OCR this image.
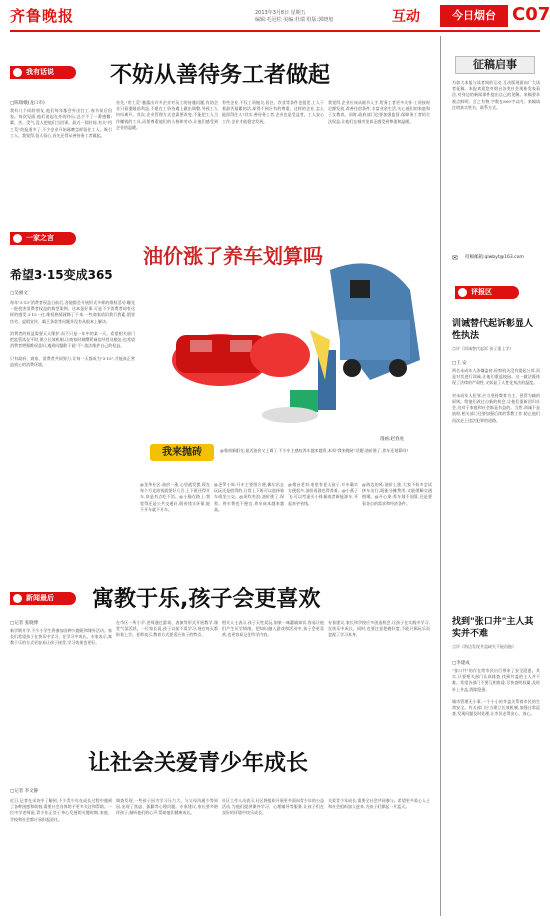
齐鲁晚报	2013年3月8日 星期五
编辑:毛冠松 美编:杜瑞 组版:郭晓旭	互动	今日烟台 C07
我有话说	不妨从善待务工者做起
□陈瑞娥(龙口市)
我有几个同龄朋友,他们每年都会外出打工,春节前后回家。每次见面,他们说起在外的经历,总少不了一番感慨:累、苦、受气,没人把他们当回事。最近一段时间,有关"用工荒"的报道多了,不少企业开始琢磨怎样留住工人、吸引工人。我觉得,留人留心,首先还得从善待务工者做起。
首先,"用工荒"暴露出许多企业对员工的待遇问题,有的企业只看重眼前利益,不愿在工资待遇上做出调整,导致工人纷纷离开。其次,企业管理方式也需要改变,不能把工人当作赚钱的工具,而要尊重他们的人格和劳动,让他们感受到企业的温暖。
有些企业,不仅工资拖欠,居住、饮食等条件也很差,工人干着最苦最累的活,却得不到应有的尊重。这样的企业,怎么能留得住人?其实,善待务工者,企业也是受益者。工人安心工作,企业才能稳定发展。
我觉得,企业应该从细节入手,给务工者更多关怀:工资按时足额发放,改善住宿条件,丰富业余生活,关心他们的家庭和子女教育。同时,政府部门也要加强监督,保障务工者的合法权益,让他们在城市里真正感受到尊重和温暖。
一家之言
希望3·15变成365
□吴丽文
每年"3·15"消费者权益日前后,各地都会开展形式多样的维权活动,曝光一批侵害消费者权益的典型案例。这本是好事,可是不少消费者却有这样的感受:3·15一过,维权热情就降了下来,一些商家依旧我行我素,假冒伪劣、虚假宣传、霸王条款等问题并没有从根本上解决。

消费者的权益需要天天维护,而不只是一年中的某一天。希望相关部门把监管落在平时,建立长效机制,让商家时刻绷紧诚信经营这根弦;也希望消费者增强维权意识,遇到问题敢于说"不",依法维护自己的权益。

只有政府、商家、消费者共同努力,让每一天都成为"3·15",才能真正营造放心的消费环境。
油价涨了养车划算吗
漫画:赵春虎
我来抛砖	@鲁南新阳光:最近油价又上调了,不少车主感叹养车越来越贵,本周"我来抛砖"话题:油价涨了,养车还划算吗?
@龙华社区:油价一涨,心里就发慌,现在每个月光油钱就要好几百,上下班还得开车,真是有点吃不消。@小猫在路上:我觉得还是公共交通好,既省钱又环保,能不开车就不开车。
@芝罘小周:开车主要图方便,偶尔出去玩玩还是值得的,日常上下班可以选择骑车或坐公交。@风吹麦浪:油价涨了,保养、停车费也不便宜,养车成本越来越高。
@烟台老刘:家里有老人孩子,开车确实方便很多,油价再涨也得养着。@小燕子飞:可以考虑买小排量或者新能源车,开起来更省钱。
@海边的风:油价上涨,大家不妨多尝试拼车出行,既能分摊费用,又能缓解交通拥堵。@开心果:养车划不划算,还是要看各自的需求和经济条件。
新闻最后	寓教于乐,孩子会更喜欢
□记者 张晓博
新学期开学,不少小学生将参加各种兴趣班和课外活动。家长们希望孩子在快乐中学习、在学习中成长。专家表示,寓教于乐的方式更容易让孩子接受,学习效果也更好。
在市区一所小学,老师通过游戏、表演等形式开展教学,课堂气氛活跃。一位家长说,孩子以前不爱学习,现在每天都盼着上学。老师表示,教育方式要适应孩子的特点。
相关人士表示,孩子天性爱玩,如果一味灌输知识,容易让他们产生厌学情绪。把知识融入游戏和活动中,孩子会更喜欢,也更容易记住所学内容。
专家建议,家长和学校应多创造机会,让孩子在实践中学习,在快乐中成长。同时,也要注意把握好度,不能只顾玩乐而忽视了学习本身。
让社会关爱青少年成长
□记者 李文静
近日,记者在采访中了解到,不少青少年在成长过程中遇到了各种困惑和烦恼,需要社会各界给予更多关注和帮助。一位中学老师说,青少年正处于身心发展的关键时期,家庭、学校和社会都应承担起责任。
调查发现,一些孩子因为学习压力大、与父母沟通少等原因,出现了焦虑、孤僻等心理问题。专家建议,家长要多陪伴孩子,倾听他们的心声,帮助他们健康成长。
社区工作人员表示,社区将组织开展更多面向青少年的公益活动,为他们提供课外学习、心理辅导等服务,让孩子们在良好的环境中快乐成长。
关爱青少年成长,需要全社会共同参与。希望更多爱心人士和社会组织加入进来,为孩子们撑起一片蓝天。
征稿启事
为加大本报与读者间的互动,互动版现面向广大读者征稿。本报欢迎您对烟台各类社会现象发表看法,对身边的新闻事件提出自己的见解。来稿要求观点鲜明、言之有物,字数在800字以内。来稿请注明真实姓名、联系方式。
✉ 投稿邮箱:qlwbyt@163.com
评报区
训诫替代起诉彰显人性执法
点评《训诫替代起诉 孩子重上学》
□王 安
两名未成年人涉嫌盗窃,检察机关没有提起公诉,而是对其进行训诫,让他们重返校园。这一做法既体现了法律的严肃性,又彰显了人性化执法的温度。

对未成年人犯罪,应当坚持教育为主、惩罚为辅的原则。给他们改过自新的机会,让他们重新回归社会,这对于家庭和社会都是有益的。当然,训诫不是放纵,相关部门还要加强后续的帮教工作,防止他们再次走上违法犯罪的道路。
找到"张口井"主人其实并不难
点评《海边发现井盖缺失不能再拖》
□李建成
"张口井"的存在给市民出行带来了安全隐患。其实,只要相关部门认真排查,找到井盖的主人并不难。希望各部门不要互相推诿,尽快查明权属,及时补上井盖,消除隐患。

城市管理无小事,一个小小的井盖关系着市民的生命安全。有关部门应当建立长效机制,加强日常巡查,发现问题及时处理,让市民走得安心、放心。
